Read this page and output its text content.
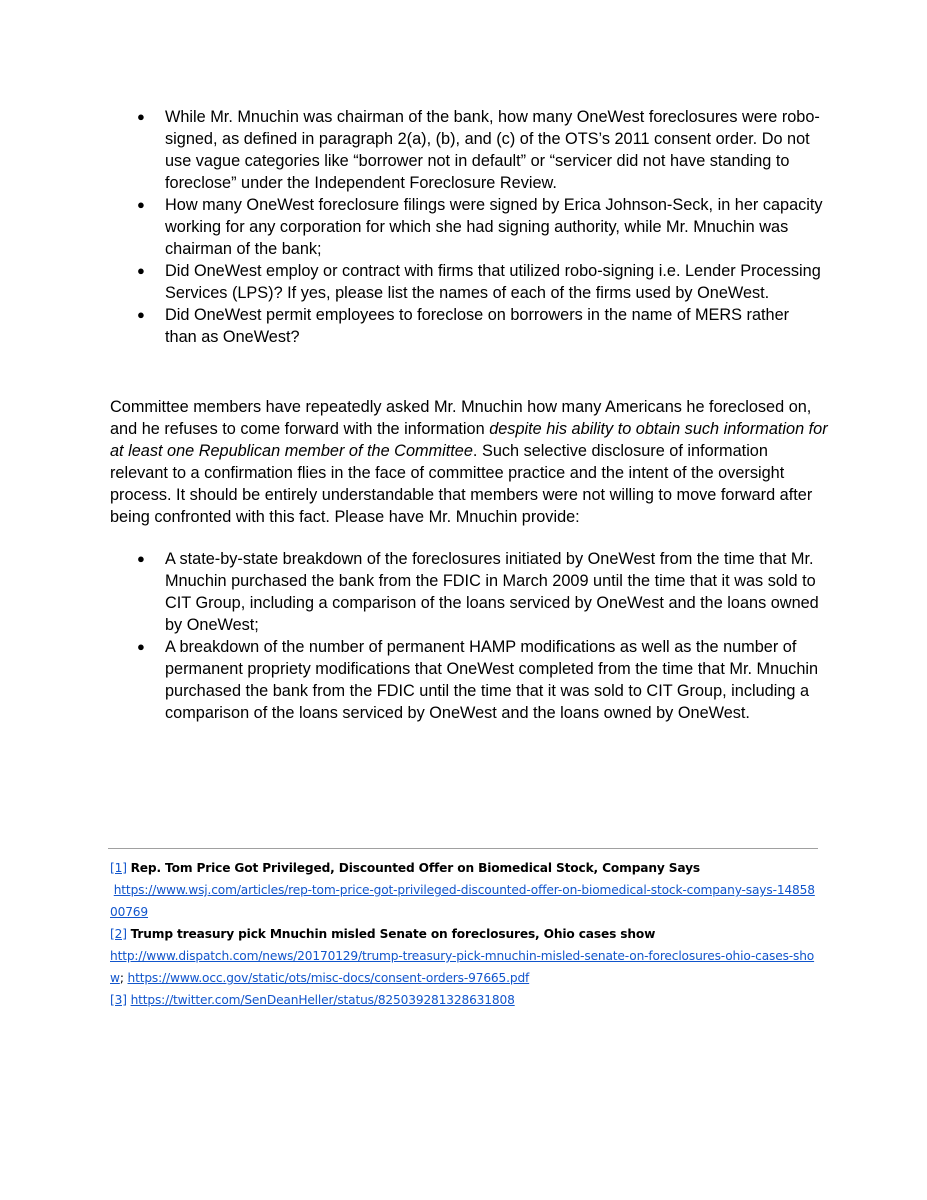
● While Mr. Mnuchin was chairman of the bank, how many OneWest foreclosures were robo-signed, as defined in paragraph 2(a), (b), and (c) of the OTS’s 2011 consent order. Do not use vague categories like “borrower not in default” or “servicer did not have standing to foreclose” under the Independent Foreclosure Review.
● How many OneWest foreclosure filings were signed by Erica Johnson-Seck, in her capacity working for any corporation for which she had signing authority, while Mr. Mnuchin was chairman of the bank;
● Did OneWest employ or contract with firms that utilized robo-signing i.e. Lender Processing Services (LPS)? If yes, please list the names of each of the firms used by OneWest.
● Did OneWest permit employees to foreclose on borrowers in the name of MERS rather than as OneWest?

Committee members have repeatedly asked Mr. Mnuchin how many Americans he foreclosed on, and he refuses to come forward with the information despite his ability to obtain such information for at least one Republican member of the Committee. Such selective disclosure of information relevant to a confirmation flies in the face of committee practice and the intent of the oversight process. It should be entirely understandable that members were not willing to move forward after being confronted with this fact. Please have Mr. Mnuchin provide:

● A state-by-state breakdown of the foreclosures initiated by OneWest from the time that Mr. Mnuchin purchased the bank from the FDIC in March 2009 until the time that it was sold to CIT Group, including a comparison of the loans serviced by OneWest and the loans owned by OneWest;
● A breakdown of the number of permanent HAMP modifications as well as the number of permanent propriety modifications that OneWest completed from the time that Mr. Mnuchin purchased the bank from the FDIC until the time that it was sold to CIT Group, including a comparison of the loans serviced by OneWest and the loans owned by OneWest.
[1] Rep. Tom Price Got Privileged, Discounted Offer on Biomedical Stock, Company Says
https://www.wsj.com/articles/rep-tom-price-got-privileged-discounted-offer-on-biomedical-stock-company-says-1485800769
[2] Trump treasury pick Mnuchin misled Senate on foreclosures, Ohio cases show
http://www.dispatch.com/news/20170129/trump-treasury-pick-mnuchin-misled-senate-on-foreclosures-ohio-cases-show; https://www.occ.gov/static/ots/misc-docs/consent-orders-97665.pdf
[3] https://twitter.com/SenDeanHeller/status/825039281328631808
